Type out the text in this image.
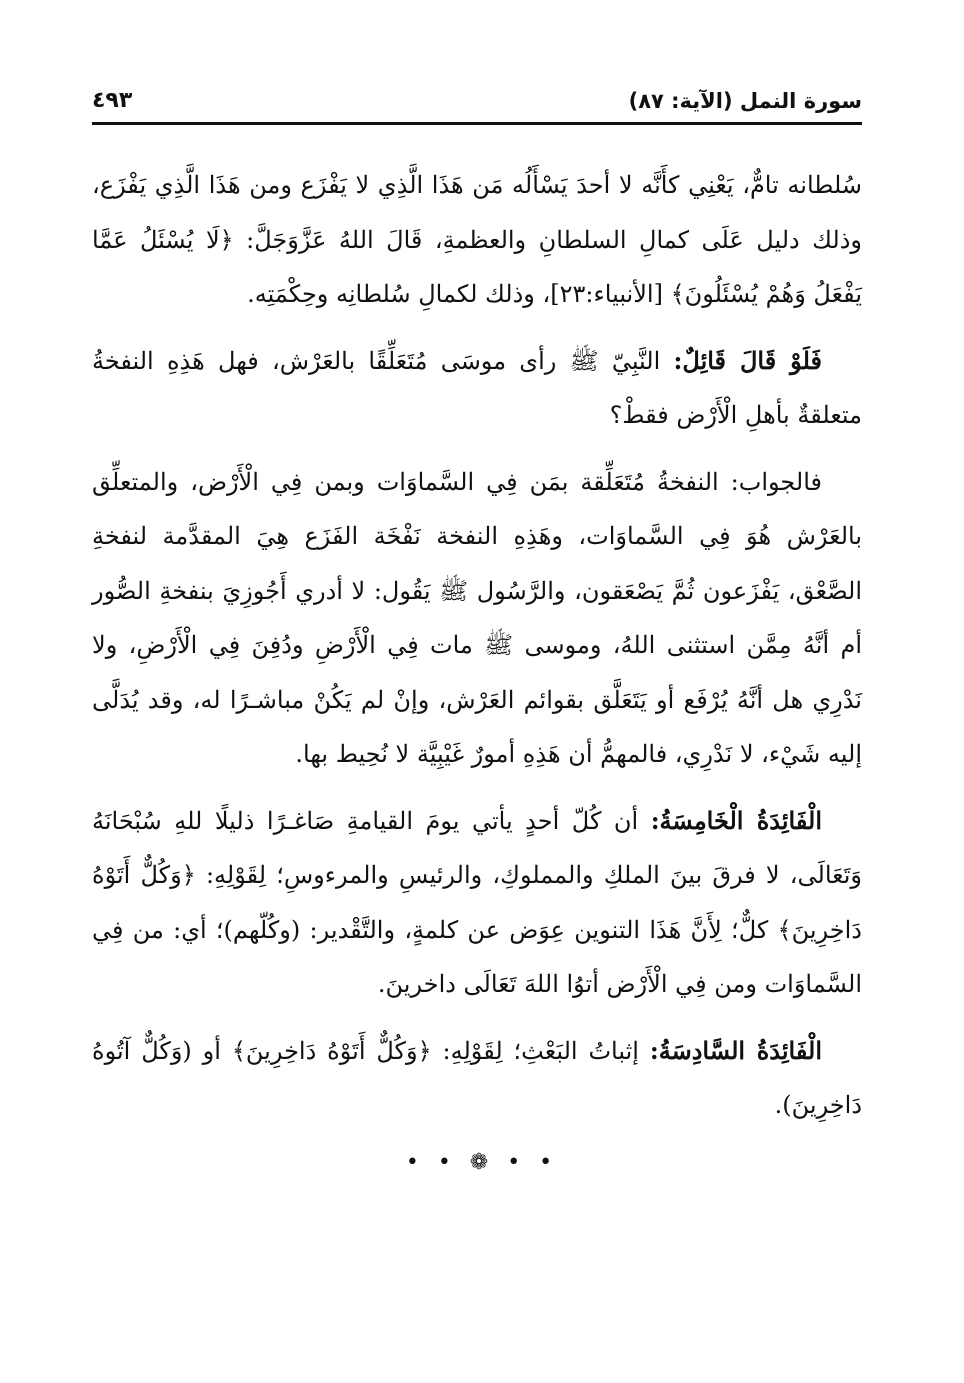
سورة النمل (الآية: ٨٧)
٤٩٣

سُلطانه تامٌّ، يَعْنِي كأَنَّه لا أحدَ يَسْأَلُه مَن هَذَا الَّذِي لا يَفْزَع ومن هَذَا الَّذِي يَفْزَع، وذلك دليل عَلَى كمالِ السلطانِ والعظمةِ، قَالَ اللهُ عَزَّوَجَلَّ: ﴿لَا يُسْئَلُ عَمَّا يَفْعَلُ وَهُمْ يُسْئَلُونَ﴾ [الأنبياء:٢٣]، وذلك لكمالِ سُلطانِه وحِكْمَتِه.

فَلَوْ قَالَ قَائِلٌ: النَّبِيّ ﷺ رأى موسَى مُتَعَلِّقًا بالعَرْش، فهل هَذِهِ النفخةُ متعلقةٌ بأهلِ الْأَرْض فقطْ؟

فالجواب: النفخةُ مُتَعَلِّقة بمَن فِي السَّماوَات وبمن فِي الْأَرْض، والمتعلِّق بالعَرْش هُوَ فِي السَّماوَات، وهَذِهِ النفخة نَفْخَة الفَزَع هِيَ المقدَّمة لنفخةِ الصَّعْق، يَفْزَعون ثُمَّ يَصْعَقون، والرَّسُول ﷺ يَقُول: لا أدري أَجُوزِيَ بنفخةِ الصُّور أم أنَّهُ مِمَّن استثنى اللهُ، وموسى ﷺ مات فِي الْأَرْضِ ودُفِنَ فِي الْأَرْضِ، ولا نَدْرِي هل أنَّهُ يُرْفَع أو يَتَعَلَّق بقوائم العَرْش، وإنْ لم يَكُنْ مباشـرًا له، وقد يُدَلَّى إليه شَيْء، لا نَدْرِي، فالمهمُّ أن هَذِهِ أمورٌ غَيْبِيَّة لا نُحِيط بها.

الْفَائِدَةُ الْخَامِسَةُ: أن كُلّ أحدٍ يأتي يومَ القيامةِ صَاغـرًا ذليلًا للهِ سُبْحَانَهُ وَتَعَالَى، لا فرقَ بينَ الملكِ والمملوكِ، والرئيسِ والمرءوسِ؛ لِقَوْلِهِ: ﴿وَكُلٌّ أَتَوْهُ دَاخِرِينَ﴾ كلٌّ؛ لِأَنَّ هَذَا التنوين عِوَض عن كلمةٍ، والتَّقْدير: (وكُلّهم)؛ أي: من فِي السَّماوَات ومن فِي الْأَرْض أتوُا اللهَ تَعَالَى داخرينَ.

الْفَائِدَةُ السَّادِسَةُ: إثباتُ البَعْثِ؛ لِقَوْلِهِ: ﴿وَكُلٌّ أَتَوْهُ دَاخِرِينَ﴾ أو (وَكُلٌّ آتُوهُ دَاخِرِينَ).

• • ❁ • •
